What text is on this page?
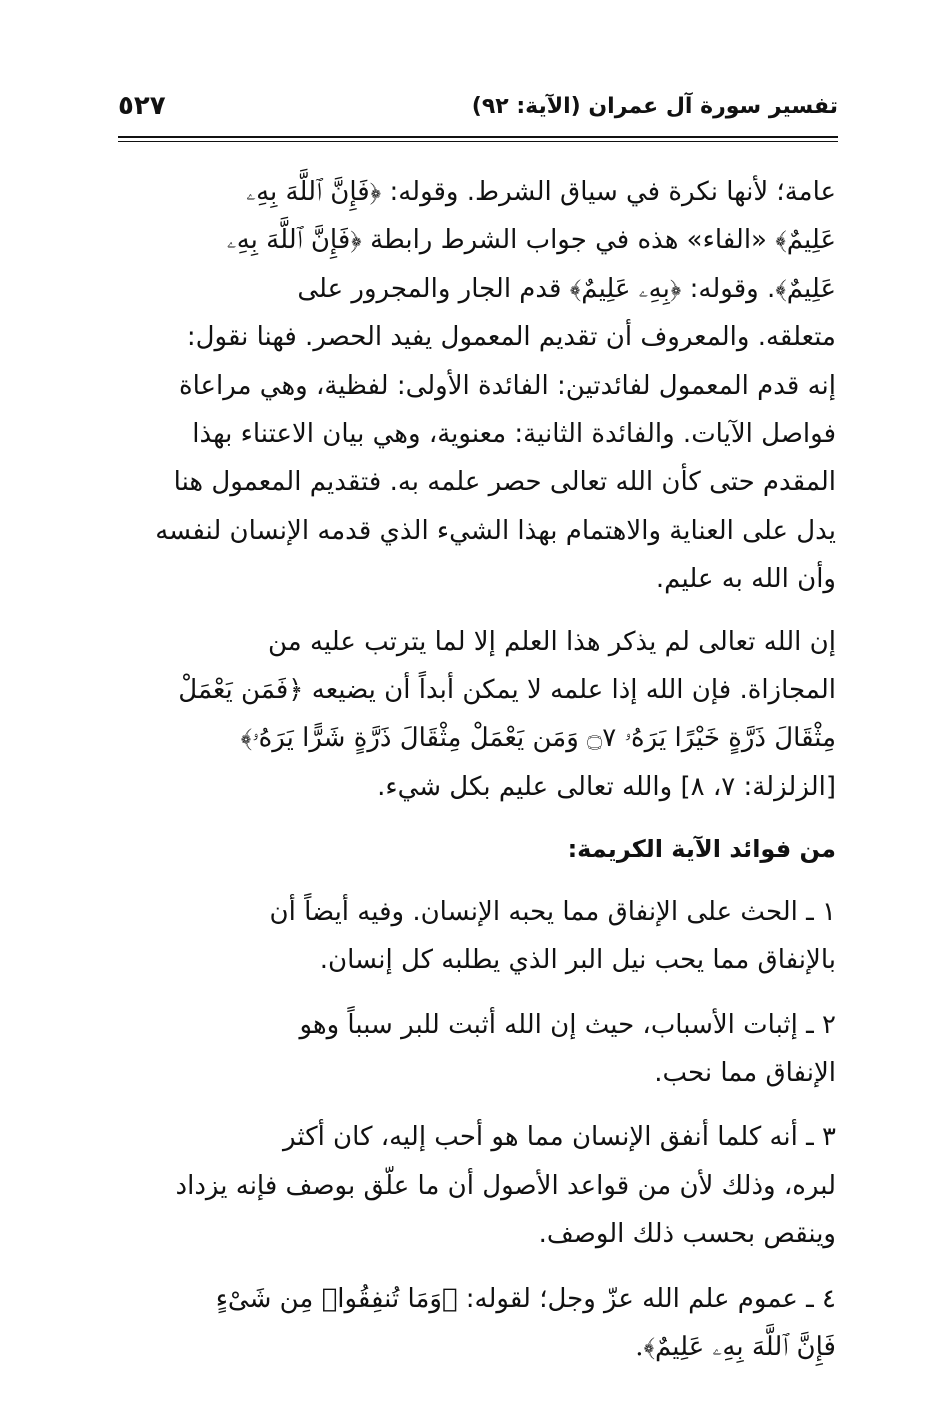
تفسير سورة آل عمران (الآية: ٩٢)
٥٢٧

عامة؛ لأنها نكرة في سياق الشرط. وقوله: ﴿فَإِنَّ ٱللَّهَ بِهِۦ
عَلِيمٌ﴾ «الفاء» هذه في جواب الشرط رابطة ﴿فَإِنَّ ٱللَّهَ بِهِۦ
عَلِيمٌ﴾. وقوله: ﴿بِهِۦ عَلِيمٌ﴾ قدم الجار والمجرور على
متعلقه. والمعروف أن تقديم المعمول يفيد الحصر. فهنا نقول:
إنه قدم المعمول لفائدتين: الفائدة الأولى: لفظية، وهي مراعاة
فواصل الآيات. والفائدة الثانية: معنوية، وهي بيان الاعتناء بهذا
المقدم حتى كأن الله تعالى حصر علمه به. فتقديم المعمول هنا
يدل على العناية والاهتمام بهذا الشيء الذي قدمه الإنسان لنفسه
وأن الله به عليم.

إن الله تعالى لم يذكر هذا العلم إلا لما يترتب عليه من
المجازاة. فإن الله إذا علمه لا يمكن أبداً أن يضيعه ﴿فَمَن يَعْمَلْ
مِثْقَالَ ذَرَّةٍ خَيْرًا يَرَهُۥ ۝٧ وَمَن يَعْمَلْ مِثْقَالَ ذَرَّةٍ شَرًّا يَرَهُۥ﴾
[الزلزلة: ٧، ٨] والله تعالى عليم بكل شيء.

من فوائد الآية الكريمة:

١ ـ الحث على الإنفاق مما يحبه الإنسان. وفيه أيضاً أن
بالإنفاق مما يحب نيل البر الذي يطلبه كل إنسان.

٢ ـ إثبات الأسباب، حيث إن الله أثبت للبر سبباً وهو
الإنفاق مما نحب.

٣ ـ أنه كلما أنفق الإنسان مما هو أحب إليه، كان أكثر
لبره، وذلك لأن من قواعد الأصول أن ما علّق بوصف فإنه يزداد
وينقص بحسب ذلك الوصف.

٤ ـ عموم علم الله عزّ وجل؛ لقوله: ﴿وَمَا تُنفِقُوا۟ مِن شَىْءٍ
فَإِنَّ ٱللَّهَ بِهِۦ عَلِيمٌ﴾.
